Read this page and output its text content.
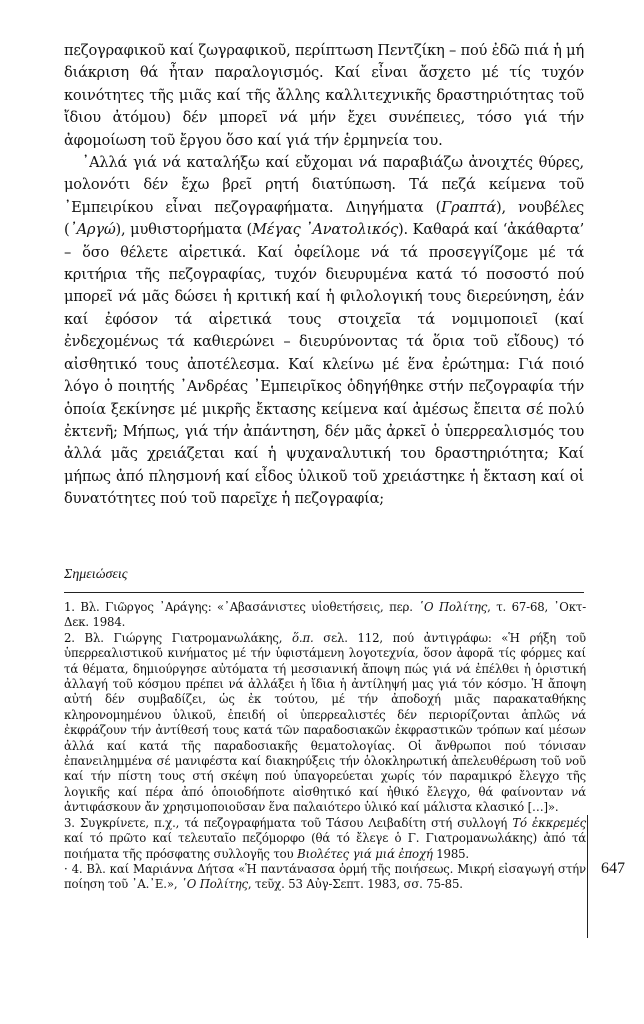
πεζογραφικοῦ καί ζωγραφικοῦ, περίπτωση Πεντζίκη – πού ἐδῶ πιά ἡ μή διάκριση θά ἦταν παραλογισμός. Καί εἶναι ἄσχετο μέ τίς τυχόν κοινότητες τῆς μιᾶς καί τῆς ἄλλης καλλιτεχνικῆς δραστηριότητας τοῦ ἴδιου ἀτόμου) δέν μπορεῖ νά μήν ἔχει συνέπειες, τόσο γιά τήν ἀφομοίωση τοῦ ἔργου ὅσο καί γιά τήν ἑρμηνεία του.

᾿Αλλά γιά νά καταλήξω καί εὔχομαι νά παραβιάζω ἀνοιχτές θύρες, μολονότι δέν ἔχω βρεῖ ρητή διατύπωση. Τά πεζά κείμενα τοῦ ᾿Εμπειρίκου εἶναι πεζογραφήματα. Διηγήματα (Γραπτά), νουβέλες (᾿Αργώ), μυθιστορήματα (Μέγας ᾿Ανατολικός). Καθαρά καί ‘ἀκάθαρτα’ – ὅσο θέλετε αἱρετικά. Καί ὀφείλομε νά τά προσεγγίζομε μέ τά κριτήρια τῆς πεζογραφίας, τυχόν διευρυμένα κατά τό ποσοστό πού μπορεῖ νά μᾶς δώσει ἡ κριτική καί ἡ φιλολογική τους διερεύνηση, ἐάν καί ἐφόσον τά αἱρετικά τους στοιχεῖα τά νομιμοποιεῖ (καί ἐνδεχομένως τά καθιερώνει – διευρύνοντας τά ὅρια τοῦ εἴδους) τό αἰσθητικό τους ἀποτέλεσμα. Καί κλείνω μέ ἕνα ἐρώτημα: Γιά ποιό λόγο ὁ ποιητής ᾿Ανδρέας ᾿Εμπειρῖκος ὁδηγήθηκε στήν πεζογραφία τήν ὁποία ξεκίνησε μέ μικρῆς ἔκτασης κείμενα καί ἀμέσως ἔπειτα σέ πολύ ἐκτενῆ; Μήπως, γιά τήν ἀπάντηση, δέν μᾶς ἀρκεῖ ὁ ὑπερρεαλισμός του ἀλλά μᾶς χρειάζεται καί ἡ ψυχαναλυτική του δραστηριότητα; Καί μήπως ἀπό πλησμονή καί εἶδος ὑλικοῦ τοῦ χρειάστηκε ἡ ἔκταση καί οἱ δυνατότητες πού τοῦ παρεῖχε ἡ πεζογραφία;

Σημειώσεις

1. Βλ. Γιῶργος ᾿Αράγης: «᾿Αβασάνιστες υἱοθετήσεις, περ. ῾Ο Πολίτης, τ. 67-68, ᾿Οκτ-Δεκ. 1984.

2. Βλ. Γιώργης Γιατρομανωλάκης, ὅ.π. σελ. 112, πού ἀντιγράφω: «Ἡ ρήξη τοῦ ὑπερρεαλιστικοῦ κινήματος μέ τήν ὑφιστάμενη λογοτεχνία, ὅσον ἀφορᾶ τίς φόρμες καί τά θέματα, δημιούργησε αὐτόματα τή μεσσιανική ἄποψη πώς γιά νά ἐπέλθει ἡ ὁριστική ἀλλαγή τοῦ κόσμου πρέπει νά ἀλλάξει ἡ ἴδια ἡ ἀντίληψή μας γιά τόν κόσμο. Ἡ ἄποψη αὐτή δέν συμβαδίζει, ὡς ἐκ τούτου, μέ τήν ἀποδοχή μιᾶς παρακαταθήκης κληρονομημένου ὑλικοῦ, ἐπειδή οἱ ὑπερρεαλιστές δέν περιορίζονται ἁπλῶς νά ἐκφράζουν τήν ἀντίθεσή τους κατά τῶν παραδοσιακῶν ἐκφραστικῶν τρόπων καί μέσων ἀλλά καί κατά τῆς παραδοσιακῆς θεματολογίας. Οἱ ἄνθρωποι πού τόνισαν ἐπανειλημμένα σέ μανιφέστα καί διακηρύξεις τήν ὁλοκληρωτική ἀπελευθέρωση τοῦ νοῦ καί τήν πίστη τους στή σκέψη πού ὑπαγορεύεται χωρίς τόν παραμικρό ἔλεγχο τῆς λογικῆς καί πέρα ἀπό ὁποιοδήποτε αἰσθητικό καί ἠθικό ἔλεγχο, θά φαίνονταν νά ἀντιφάσκουν ἄν χρησιμοποιοῦσαν ἕνα παλαιότερο ὑλικό καί μάλιστα κλασικό […]».

3. Συγκρίνετε, π.χ., τά πεζογραφήματα τοῦ Τάσου Λειβαδίτη στή συλλογή Τό ἐκκρεμές καί τό πρῶτο καί τελευταῖο πεζόμορφο (θά τό ἔλεγε ὁ Γ. Γιατρομανωλάκης) ἀπό τά ποιήματα τῆς πρόσφατης συλλογῆς του Βιολέτες γιά μιά ἐποχή 1985.

· 4. Βλ. καί Μαριάννα Δήτσα «Ἡ παντάνασσα ὁρμή τῆς ποιήσεως. Μικρή εἰσαγωγή στήν ποίηση τοῦ ᾿Α.᾿Ε.», ῾Ο Πολίτης, τεῦχ. 53 Αὐγ-Σεπτ. 1983, σσ. 75-85.

647
